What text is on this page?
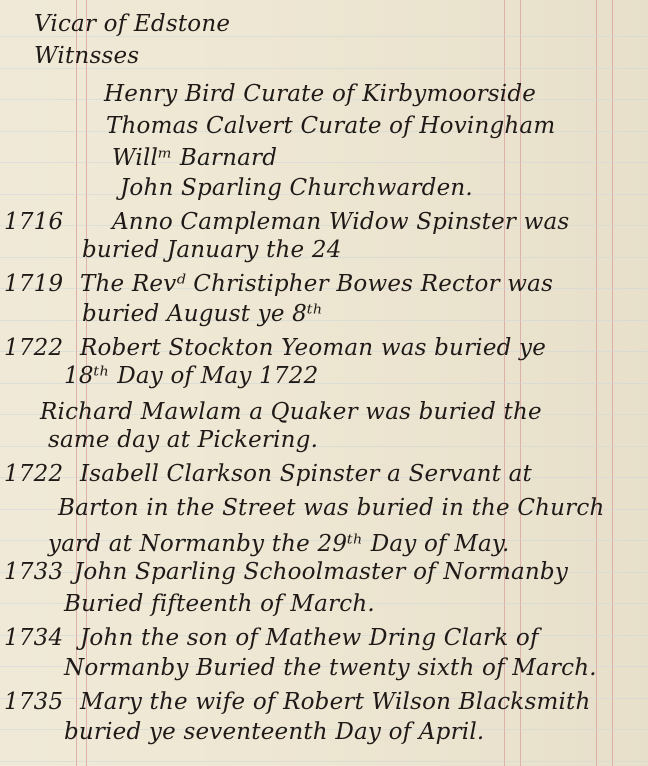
Vicar of Edstone
Witnsses
Henry Bird Curate of Kirbymoorside
Thomas Calvert Curate of Hovingham
Willᵐ Barnard
John Sparling Churchwarden.
1716 Anno Campleman Widow Spinster was
buried January the 24
1719 The Revᵈ Christipher Bowes Rector was
buried August ye 8ᵗʰ
1722 Robert Stockton Yeoman was buried ye
18ᵗʰ Day of May 1722
Richard Mawlam a Quaker was buried the
same day at Pickering.
1722 Isabell Clarkson Spinster a Servant at
Barton in the Street was buried in the Church
yard at Normanby the 29ᵗʰ Day of May.
1733 John Sparling Schoolmaster of Normanby
Buried fifteenth of March.
1734 John the son of Mathew Dring Clark of
Normanby Buried the twenty sixth of March.
1735 Mary the wife of Robert Wilson Blacksmith
buried ye seventeenth Day of April.
